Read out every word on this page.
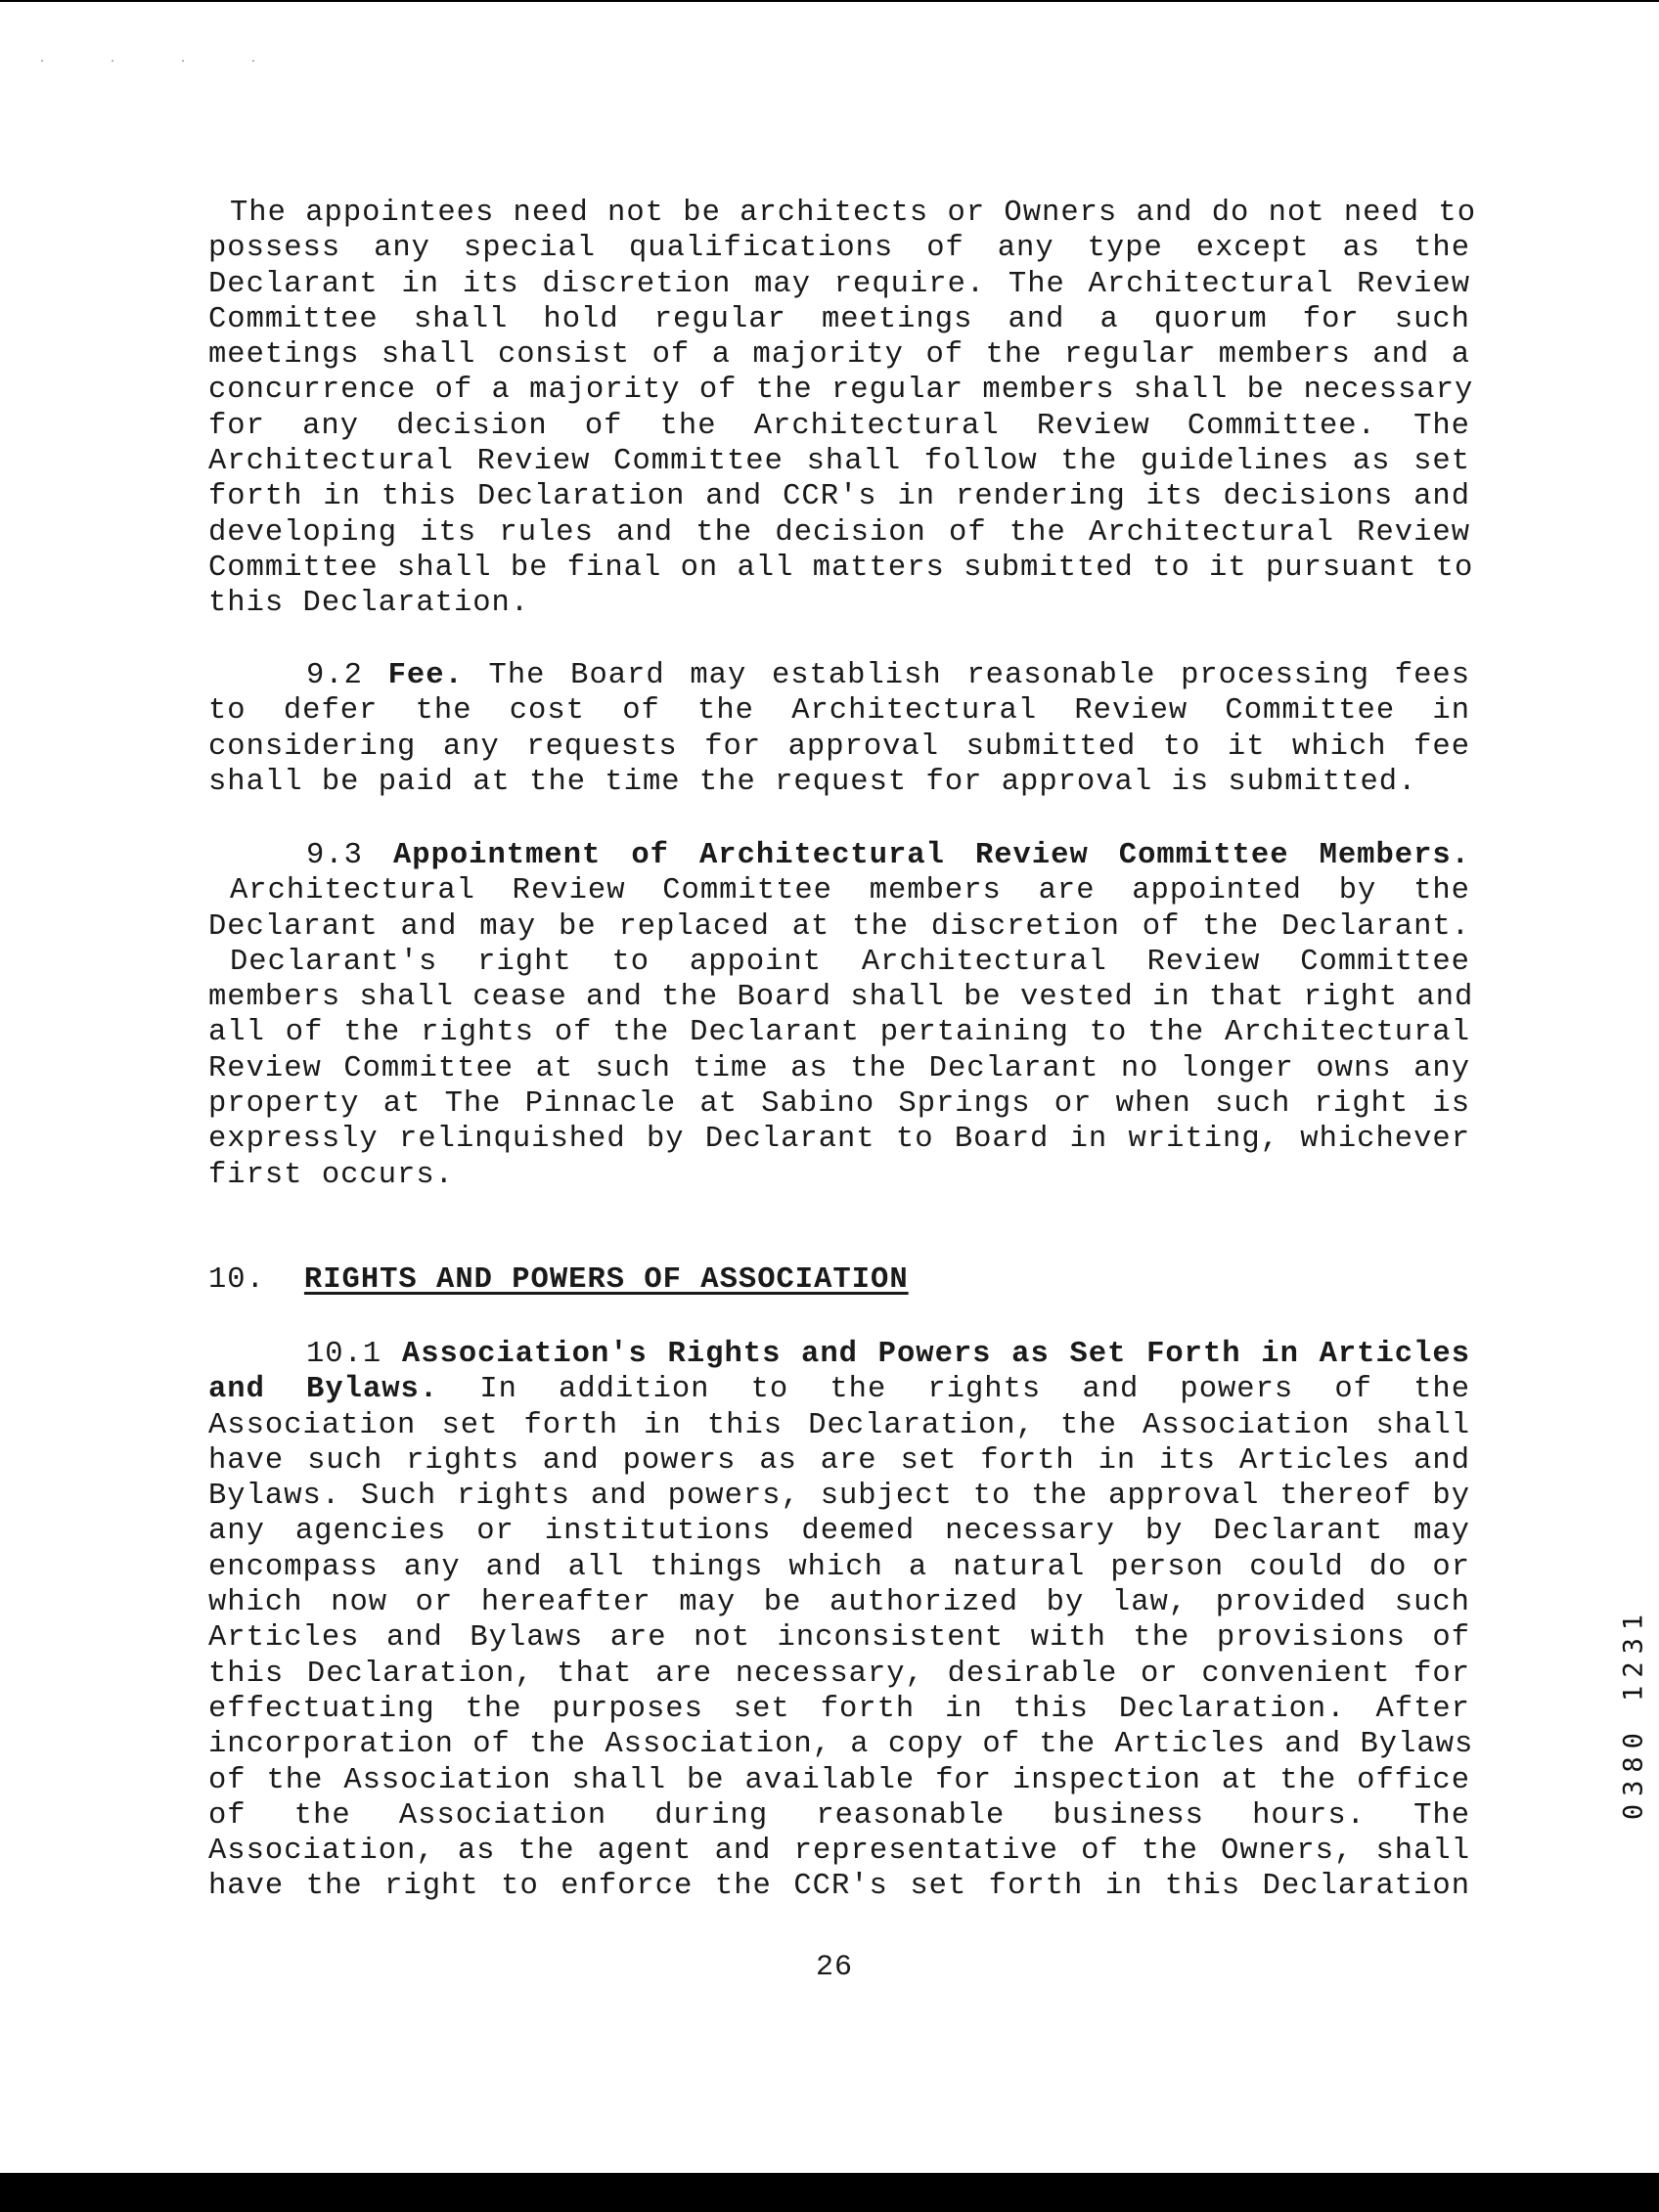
· · · ·
The appointees need not be architects or Owners and do not need to
possess any special qualifications of any type except as the
Declarant in its discretion may require. The Architectural Review
Committee shall hold regular meetings and a quorum for such
meetings shall consist of a majority of the regular members and a
concurrence of a majority of the regular members shall be necessary
for any decision of the Architectural Review Committee. The
Architectural Review Committee shall follow the guidelines as set
forth in this Declaration and CCR's in rendering its decisions and
developing its rules and the decision of the Architectural Review
Committee shall be final on all matters submitted to it pursuant to
this Declaration.
9.2 Fee. The Board may establish reasonable processing fees
to defer the cost of the Architectural Review Committee in
considering any requests for approval submitted to it which fee
shall be paid at the time the request for approval is submitted.
9.3 Appointment of Architectural Review Committee Members.
Architectural Review Committee members are appointed by the
Declarant and may be replaced at the discretion of the Declarant.
Declarant's right to appoint Architectural Review Committee
members shall cease and the Board shall be vested in that right and
all of the rights of the Declarant pertaining to the Architectural
Review Committee at such time as the Declarant no longer owns any
property at The Pinnacle at Sabino Springs or when such right is
expressly relinquished by Declarant to Board in writing, whichever
first occurs.
10. RIGHTS AND POWERS OF ASSOCIATION
10.1 Association's Rights and Powers as Set Forth in Articles
and Bylaws. In addition to the rights and powers of the
Association set forth in this Declaration, the Association shall
have such rights and powers as are set forth in its Articles and
Bylaws. Such rights and powers, subject to the approval thereof by
any agencies or institutions deemed necessary by Declarant may
encompass any and all things which a natural person could do or
which now or hereafter may be authorized by law, provided such
Articles and Bylaws are not inconsistent with the provisions of
this Declaration, that are necessary, desirable or convenient for
effectuating the purposes set forth in this Declaration. After
incorporation of the Association, a copy of the Articles and Bylaws
of the Association shall be available for inspection at the office
of the Association during reasonable business hours. The
Association, as the agent and representative of the Owners, shall
have the right to enforce the CCR's set forth in this Declaration
26
0380 1231
